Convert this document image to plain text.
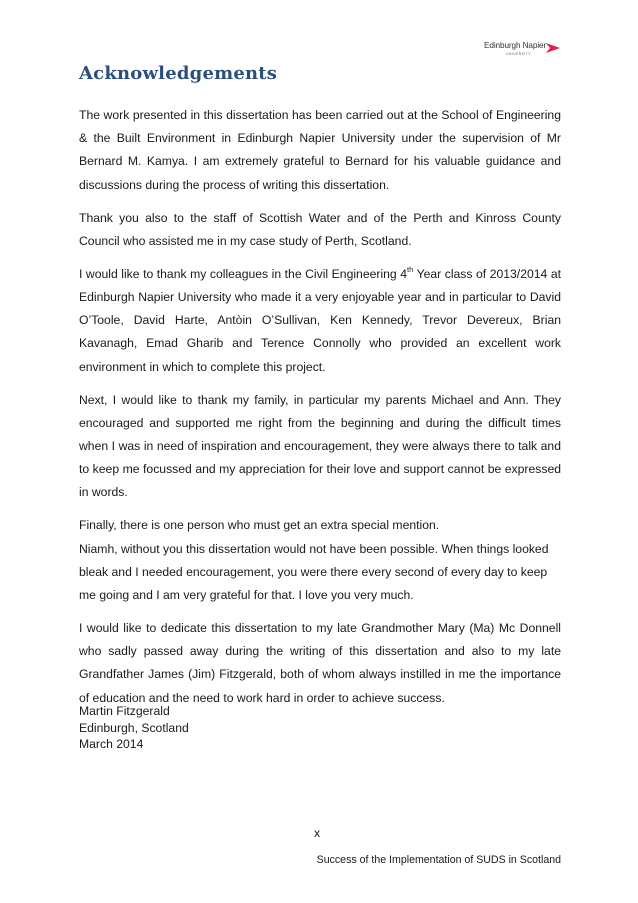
Edinburgh Napier
UNIVERSITY
Acknowledgements

The work presented in this dissertation has been carried out at the School of Engineering & the Built Environment in Edinburgh Napier University under the supervision of Mr Bernard M. Kamya. I am extremely grateful to Bernard for his valuable guidance and discussions during the process of writing this dissertation.

Thank you also to the staff of Scottish Water and of the Perth and Kinross County Council who assisted me in my case study of Perth, Scotland.

I would like to thank my colleagues in the Civil Engineering 4th Year class of 2013/2014 at Edinburgh Napier University who made it a very enjoyable year and in particular to David O’Toole, David Harte, Antòin O’Sullivan, Ken Kennedy, Trevor Devereux, Brian Kavanagh, Emad Gharib and Terence Connolly who provided an excellent work environment in which to complete this project.

Next, I would like to thank my family, in particular my parents Michael and Ann. They encouraged and supported me right from the beginning and during the difficult times when I was in need of inspiration and encouragement, they were always there to talk and to keep me focussed and my appreciation for their love and support cannot be expressed in words.

Finally, there is one person who must get an extra special mention.

Niamh, without you this dissertation would not have been possible. When things looked bleak and I needed encouragement, you were there every second of every day to keep me going and I am very grateful for that. I love you very much.

I would like to dedicate this dissertation to my late Grandmother Mary (Ma) Mc Donnell who sadly passed away during the writing of this dissertation and also to my late Grandfather James (Jim) Fitzgerald, both of whom always instilled in me the importance of education and the need to work hard in order to achieve success.

Martin Fitzgerald
Edinburgh, Scotland
March 2014
x
Success of the Implementation of SUDS in Scotland
